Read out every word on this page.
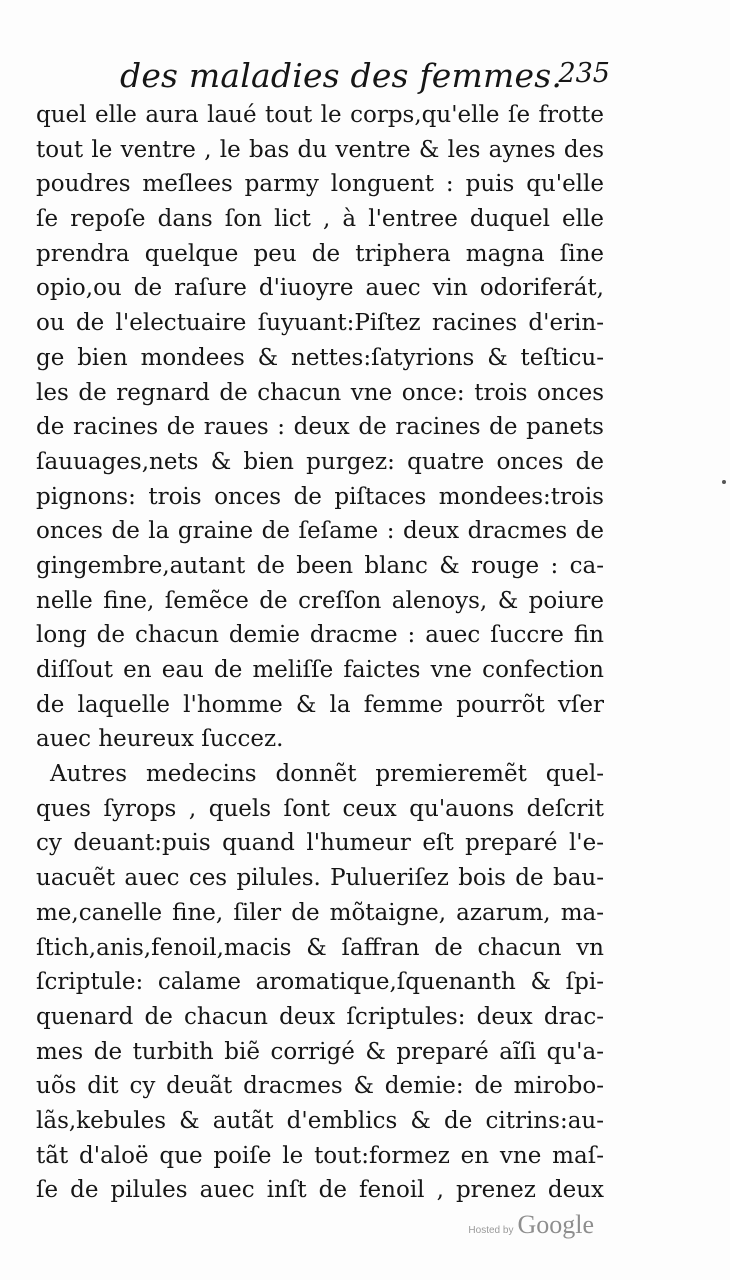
des maladies des femmes.
235
quel elle aura laué tout le corps,qu'elle ſe frotte
tout le ventre , le bas du ventre & les aynes des
poudres meſlees parmy longuent : puis qu'elle
ſe repoſe dans ſon lict , à l'entree duquel elle
prendra quelque peu de triphera magna ſine
opio,ou de raſure d'iuoyre auec vin odoriferát,
ou de l'electuaire ſuyuant:Piſtez racines d'erin-
ge bien mondees & nettes:ſatyrions & teſticu-
les de regnard de chacun vne once: trois onces
de racines de raues : deux de racines de panets
ſauuages,nets & bien purgez: quatre onces de
pignons: trois onces de piſtaces mondees:trois
onces de la graine de ſeſame : deux dracmes de
gingembre,autant de been blanc & rouge : ca-
nelle fine, ſemẽce de creſſon alenoys, & poiure
long de chacun demie dracme : auec ſuccre fin
diſſout en eau de meliſſe faictes vne confection
de laquelle l'homme & la femme pourrõt vſer
auec heureux ſuccez.
Autres medecins donnẽt premieremẽt quel-
ques ſyrops , quels ſont ceux qu'auons deſcrit
cy deuant:puis quand l'humeur eſt preparé l'e-
uacuẽt auec ces pilules. Pulueriſez bois de bau-
me,canelle fine, ſiler de mõtaigne, azarum, ma-
ſtich,anis,fenoil,macis & ſaffran de chacun vn
ſcriptule: calame aromatique,ſquenanth & ſpi-
quenard de chacun deux ſcriptules: deux drac-
mes de turbith biẽ corrigé & preparé aĩſi qu'a-
uõs dit cy deuãt dracmes & demie: de mirobo-
lãs,kebules & autãt d'emblics & de citrins:au-
tãt d'aloë que poiſe le tout:formez en vne maſ-
ſe de pilules auec inſt de fenoil , prenez deux
Hosted by Google
